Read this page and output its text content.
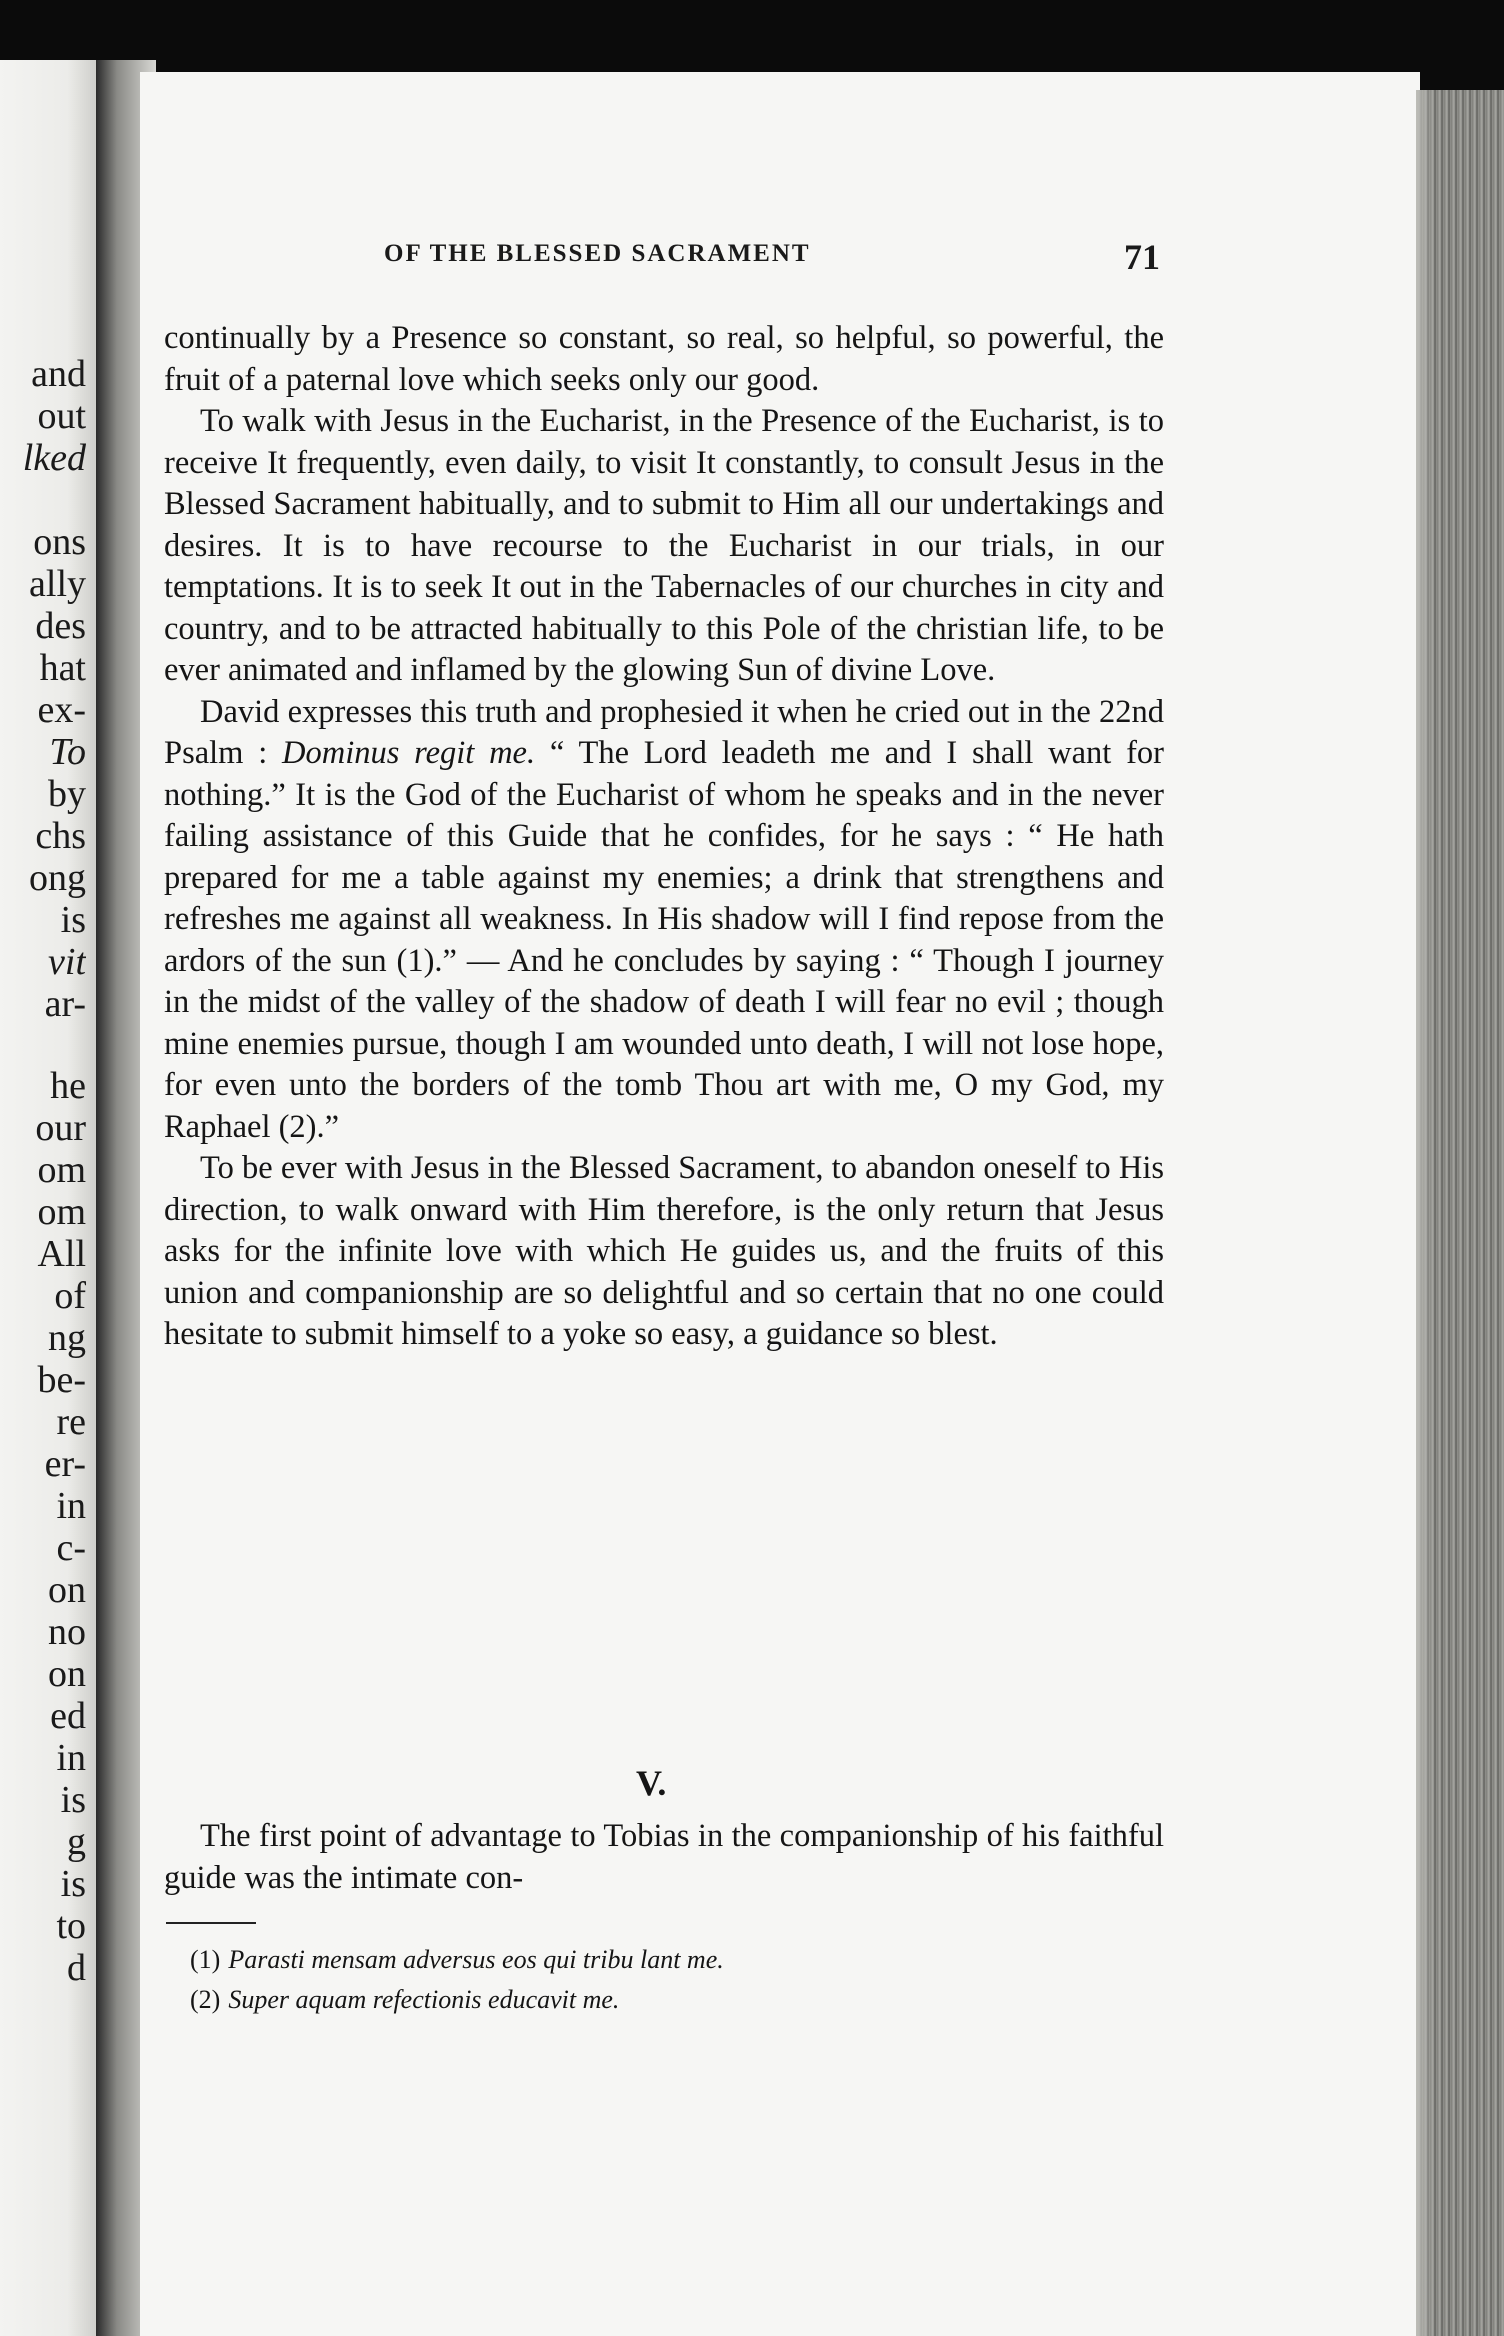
and
out
lked
ons
ally
des
hat
ex-
To
by
chs
ong
is
vit
ar-
he
our
om
om
All
of
ng
be-
re
er-
in
c-
on
no
on
ed
in
is
g
is
to
d
OF THE BLESSED SACRAMENT	71

continually by a Presence so constant, so real, so helpful, so powerful, the fruit of a paternal love which seeks only our good.

To walk with Jesus in the Eucharist, in the Presence of the Eucharist, is to receive It frequently, even daily, to visit It constantly, to consult Jesus in the Blessed Sacrament habitually, and to submit to Him all our undertakings and desires. It is to have recourse to the Eucharist in our trials, in our temptations. It is to seek It out in the Tabernacles of our churches in city and country, and to be attracted habitually to this Pole of the christian life, to be ever animated and inflamed by the glowing Sun of divine Love.

David expresses this truth and prophesied it when he cried out in the 22nd Psalm : Dominus regit me. “ The Lord leadeth me and I shall want for nothing.” It is the God of the Eucharist of whom he speaks and in the never failing assistance of this Guide that he confides, for he says : “ He hath prepared for me a table against my enemies; a drink that strengthens and refreshes me against all weakness. In His shadow will I find repose from the ardors of the sun (1).” — And he concludes by saying : “ Though I journey in the midst of the valley of the shadow of death I will fear no evil ; though mine enemies pursue, though I am wounded unto death, I will not lose hope, for even unto the borders of the tomb Thou art with me, O my God, my Raphael (2).”

To be ever with Jesus in the Blessed Sacrament, to abandon oneself to His direction, to walk onward with Him therefore, is the only return that Jesus asks for the infinite love with which He guides us, and the fruits of this union and companionship are so delightful and so certain that no one could hesitate to submit himself to a yoke so easy, a guidance so blest.

V.
The first point of advantage to Tobias in the companionship of his faithful guide was the intimate con-
(1) Parasti mensam adversus eos qui tribu lant me.
(2) Super aquam refectionis educavit me.
